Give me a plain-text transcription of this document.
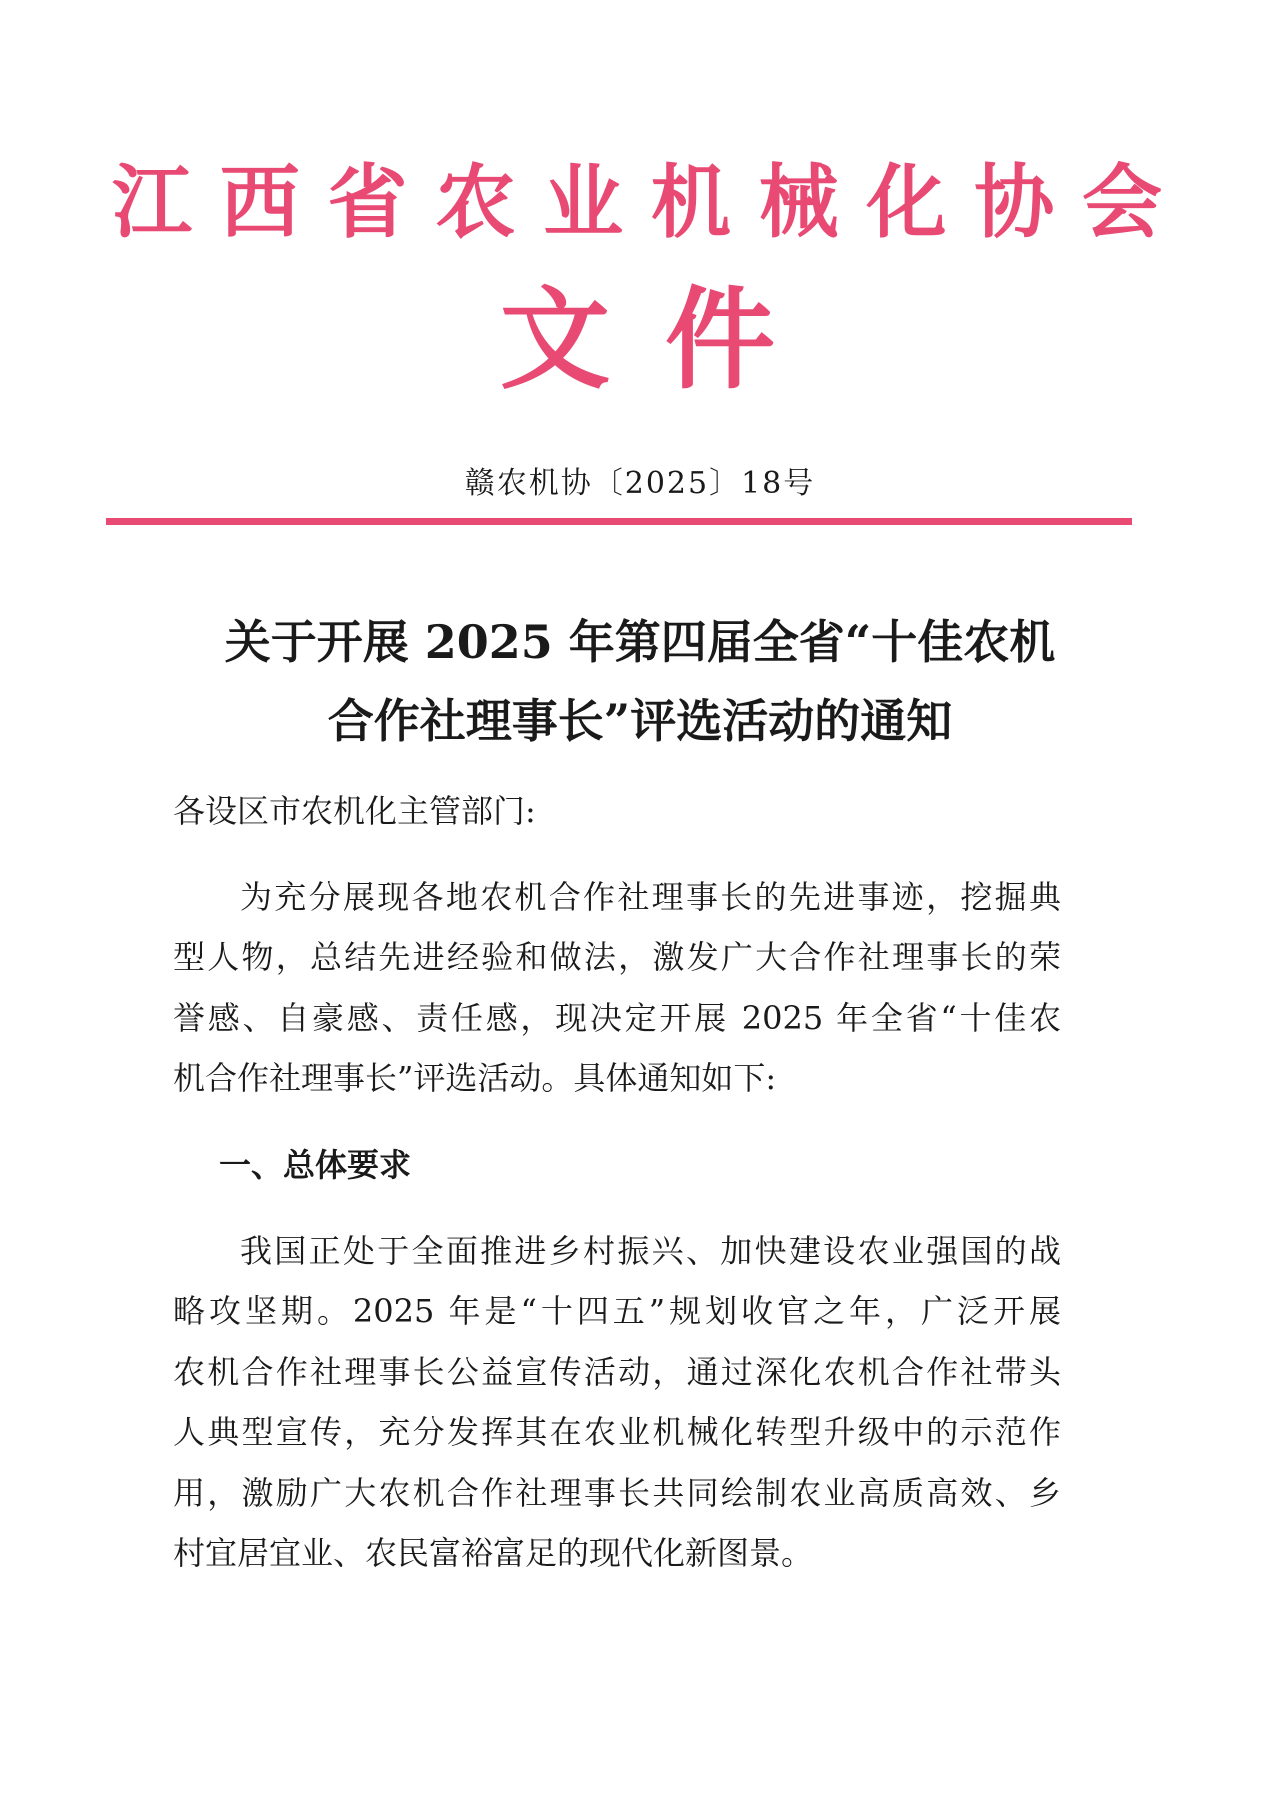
江西省农业机械化协会
文件
赣农机协〔2025〕18号
关于开展 2025 年第四届全省“十佳农机
合作社理事长”评选活动的通知
各设区市农机化主管部门:
为充分展现各地农机合作社理事长的先进事迹，挖掘典
型人物，总结先进经验和做法，激发广大合作社理事长的荣
誉感、自豪感、责任感，现决定开展 2025 年全省“十佳农
机合作社理事长”评选活动。具体通知如下:
一、总体要求
我国正处于全面推进乡村振兴、加快建设农业强国的战
略攻坚期。2025 年是“十四五”规划收官之年，广泛开展
农机合作社理事长公益宣传活动，通过深化农机合作社带头
人典型宣传，充分发挥其在农业机械化转型升级中的示范作
用，激励广大农机合作社理事长共同绘制农业高质高效、乡
村宜居宜业、农民富裕富足的现代化新图景。
